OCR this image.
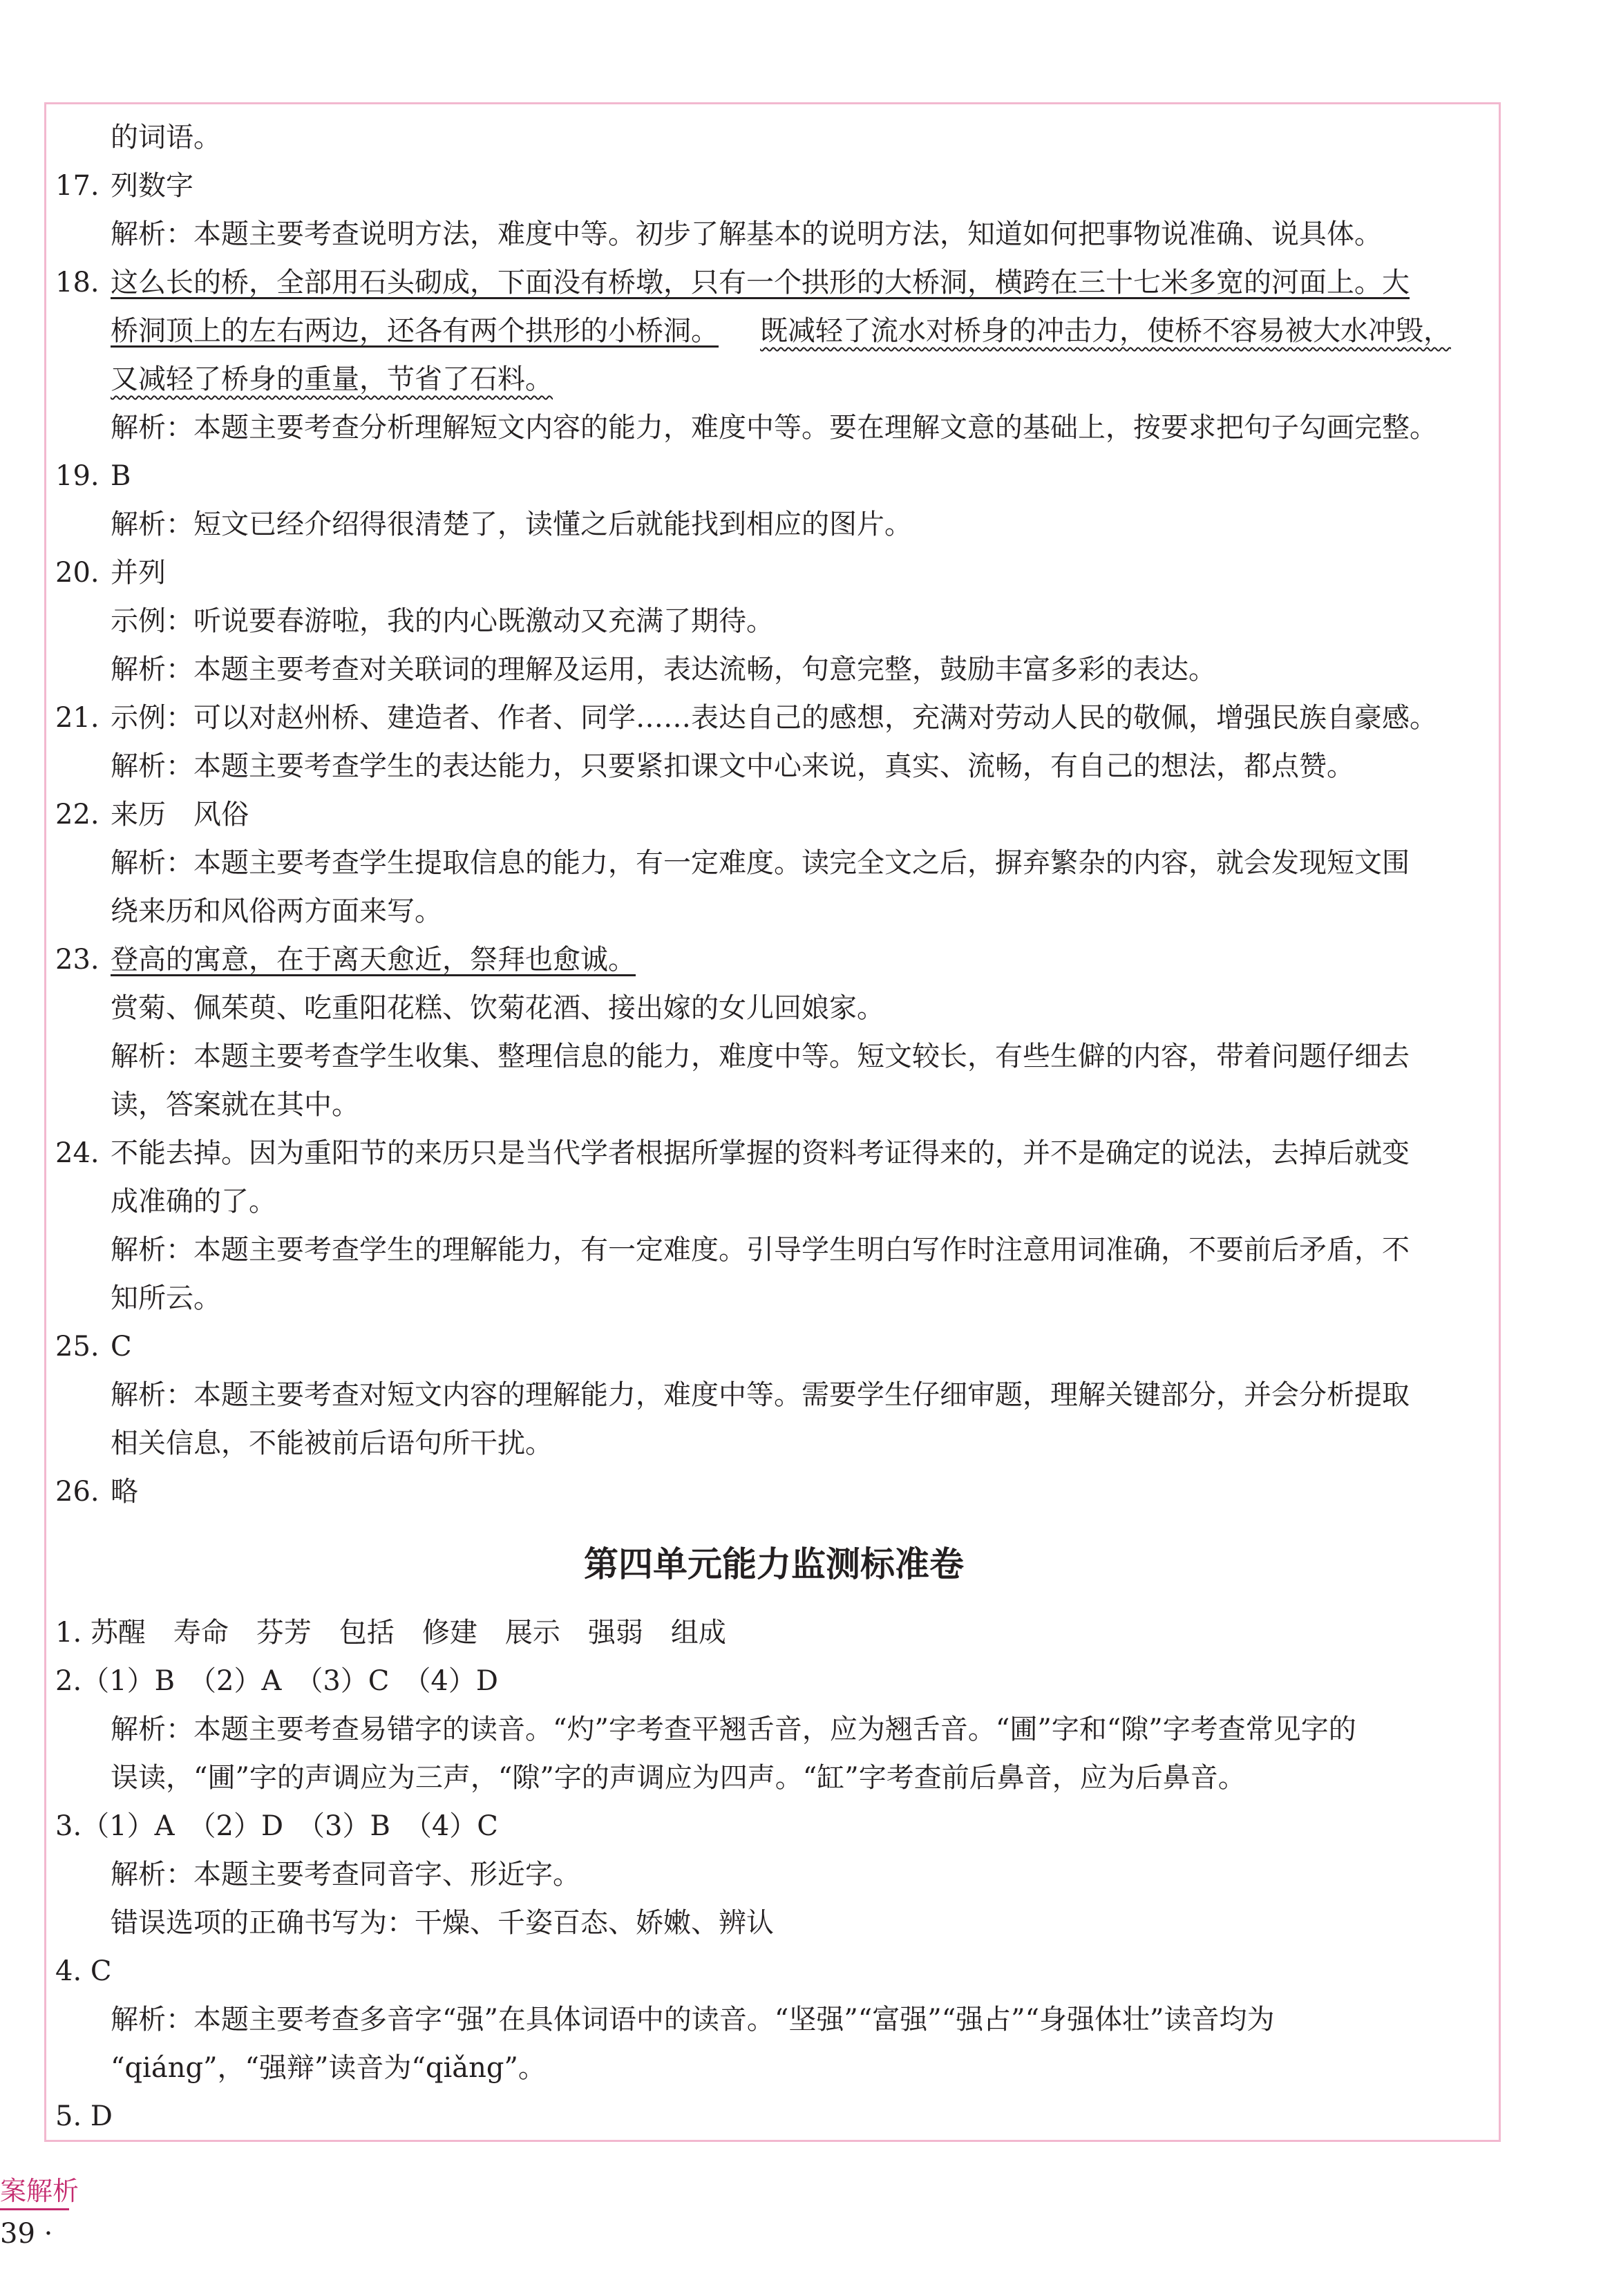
的词语。
17. 列数字
解析：本题主要考查说明方法，难度中等。初步了解基本的说明方法，知道如何把事物说准确、说具体。
18. 这么长的桥，全部用石头砌成，下面没有桥墩，只有一个拱形的大桥洞，横跨在三十七米多宽的河面上。大
桥洞顶上的左右两边，还各有两个拱形的小桥洞。 既减轻了流水对桥身的冲击力，使桥不容易被大水冲毁，
又减轻了桥身的重量，节省了石料。
解析：本题主要考查分析理解短文内容的能力，难度中等。要在理解文意的基础上，按要求把句子勾画完整。
19. B
解析：短文已经介绍得很清楚了，读懂之后就能找到相应的图片。
20. 并列
示例：听说要春游啦，我的内心既激动又充满了期待。
解析：本题主要考查对关联词的理解及运用，表达流畅，句意完整，鼓励丰富多彩的表达。
21. 示例：可以对赵州桥、建造者、作者、同学……表达自己的感想，充满对劳动人民的敬佩，增强民族自豪感。
解析：本题主要考查学生的表达能力，只要紧扣课文中心来说，真实、流畅，有自己的想法，都点赞。
22. 来历　风俗
解析：本题主要考查学生提取信息的能力，有一定难度。读完全文之后，摒弃繁杂的内容，就会发现短文围
绕来历和风俗两方面来写。
23. 登高的寓意，在于离天愈近，祭拜也愈诚。
赏菊、佩茱萸、吃重阳花糕、饮菊花酒、接出嫁的女儿回娘家。
解析：本题主要考查学生收集、整理信息的能力，难度中等。短文较长，有些生僻的内容，带着问题仔细去
读，答案就在其中。
24. 不能去掉。因为重阳节的来历只是当代学者根据所掌握的资料考证得来的，并不是确定的说法，去掉后就变
成准确的了。
解析：本题主要考查学生的理解能力，有一定难度。引导学生明白写作时注意用词准确，不要前后矛盾，不
知所云。
25. C
解析：本题主要考查对短文内容的理解能力，难度中等。需要学生仔细审题，理解关键部分，并会分析提取
相关信息，不能被前后语句所干扰。
26. 略
第四单元能力监测标准卷
1. 苏醒　寿命　芬芳　包括　修建　展示　强弱　组成
2.（1）B　（2）A　（3）C　（4）D
解析：本题主要考查易错字的读音。“灼”字考查平翘舌音，应为翘舌音。“圃”字和“隙”字考查常见字的
误读，“圃”字的声调应为三声，“隙”字的声调应为四声。“缸”字考查前后鼻音，应为后鼻音。
3.（1）A　（2）D　（3）B　（4）C
解析：本题主要考查同音字、形近字。
错误选项的正确书写为：干燥、千姿百态、娇嫩、辨认
4. C
解析：本题主要考查多音字“强”在具体词语中的读音。“坚强”“富强”“强占”“身强体壮”读音均为
“qiáng”，“强辩”读音为“qiǎng”。
5. D
案解析
39 ·
